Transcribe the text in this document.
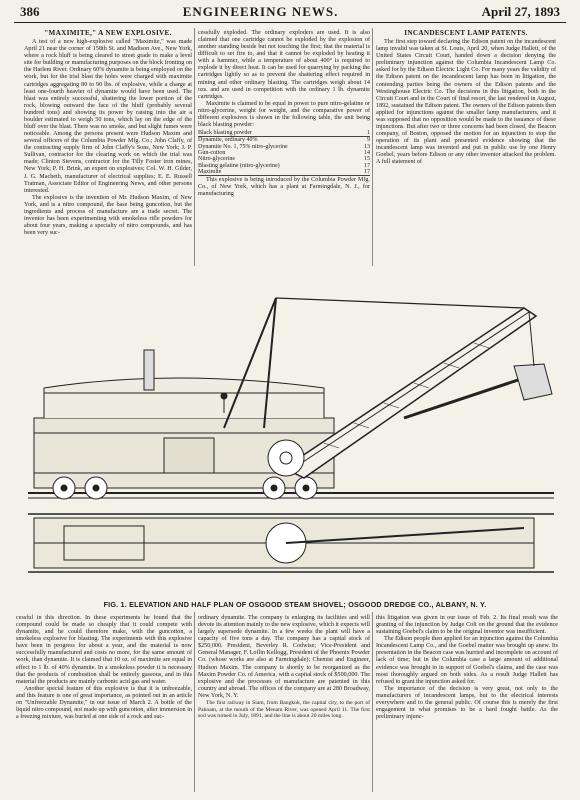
386	ENGINEERING NEWS.	April 27, 1893
"MAXIMITE," A NEW EXPLOSIVE.

A test of a new high-explosive called "Maximite," was made April 21 near the corner of 158th St. and Madison Ave., New York, where a rock bluff is being cleared to street grade to make a level site for building or manufacturing purposes on the block fronting on the Harlem River. Ordinary 60% dynamite is being employed on the work, but for the trial blast the holes were charged with maximite cartridges aggregating 80 to 90 lbs. of explosive, while a charge at least one-fourth heavier of dynamite would have been used. The blast was entirely successful, shattering the lower portion of the rock, blowing outward the face of the bluff (probably several hundred tons) and showing its power by raising into the air a boulder estimated to weigh 50 tons, which lay on the edge of the bluff over the blast. There was no smoke, and but slight fumes were noticeable. Among the persons present were Hudson Maxim and several officers of the Columbia Powder Mfg. Co.; John Claffy, of the contracting supply firm of John Claffy's Sons, New York; J. P. Sullivan, contractor for the clearing work on which the trial was made; Clinton Stevens, contractor for the Tilly Foster iron mines, New York; P. H. Brink, an expert on explosives; Col. W. H. Gilder, J. G. Macbeth, manufacturer of electrical supplies; E. E. Russell Tratman, Associate Editor of Engineering News, and other persons interested.

The explosive is the invention of Mr. Hudson Maxim, of New York, and is a nitro compound, the base being guncotton, but the ingredients and process of manufacture are a trade secret. The inventor has been experimenting with smokeless rifle powders for about four years, making a specialty of nitro compounds, and has been very suc-

cessfully exploded. The ordinary exploders are used. It is also claimed that one cartridge cannot be exploded by the explosion of another standing beside but not touching the first; that the material is difficult to set fire to, and that it cannot be exploded by heating it with a hammer, while a temperature of about 400° is required to explode it by direct heat. It can be used for quarrying by packing the cartridges lightly so as to prevent the shattering effect required in mining and other ordinary blasting. The cartridges weigh about 14 ozs. and are used in competition with the ordinary 1 lb. dynamite cartridges.

Maximite is claimed to be equal in power to pure nitro-gelatine or nitro-glycerine, weight for weight, and the comparative power of different explosives is shown in the following table, the unit being black blasting powder:

Black blasting powder	1
Dynamite, ordinary 40%	9
Dynamite No. 1, 75% nitro-glycerine	13
Gun-cotton	14
Nitro-glycerine	15
Blasting gelatine (nitro-glycerine)	17
Maximite	17

This explosive is being introduced by the Columbia Powder Mfg. Co., of New York, which has a plant at Farmingdale, N. J., for manufacturing

INCANDESCENT LAMP PATENTS.

The first step toward declaring the Edison patent on the incandescent lamp invalid was taken at St. Louis, April 20, when Judge Hallett, of the United States Circuit Court, handed down a decision denying the preliminary injunction against the Columbia Incandescent Lamp Co. asked for by the Edison Electric Light Co. For many years the validity of the Edison patent on the incandescent lamp has been in litigation, the contending parties being the owners of the Edison patents and the Westinghouse Electric Co. The decisions in this litigation, both in the Circuit Court and in the Court of final resort, the last rendered in August, 1892, sustained the Edison patent. The owners of the Edison patents then applied for injunctions against the smaller lamp manufacturers, and it was supposed that no opposition would be made to the issuance of these injunctions. But after two or three concerns had been closed, the Beacon company, of Boston, opposed the motion for an injunction to stop the operation of its plant and presented evidence showing that the incandescent lamp was invented and put in public use by one Henry Goebel, years before Edison or any other inventor attacked the problem. A full statement of

FIG. 1. ELEVATION AND HALF PLAN OF OSGOOD STEAM SHOVEL; OSGOOD DREDGE CO., ALBANY, N. Y.

cessful in this direction. In these experiments he found that the compound could be made so cheaply that it could compete with dynamite, and he could therefore make, with the guncotton, a smokeless explosive for blasting. The experiments with this explosive have been in progress for about a year, and the material is now successfully manufactured and costs no more, for the same amount of work, than dynamite. It is claimed that 10 oz. of maximite are equal in effect to 1 lb. of 40% dynamite. In a smokeless powder it is necessary that the products of combustion shall be entirely gaseous, and in this material the products are mainly carbonic acid gas and water.

Another special feature of this explosive is that it is unfreezable, and this feature is one of great importance, as pointed out in an article on "Unfreezable Dynamite," in our issue of March 2. A bottle of the liquid nitro compound, not made up with guncotton, after immersion in a freezing mixture, was buried at one side of a rock and suc-

ordinary dynamite. The company is enlarging its facilities and will devote its attention mainly to the new explosive, which it expects will largely supersede dynamite. In a few weeks the plant will have a capacity of five tons a day. The company has a capital stock of $250,000. President, Beverley R. Codwise; Vice-President and General Manager, F. Loflin Kellogg, President of the Phoenix Powder Co. (whose works are also at Farmingdale); Chemist and Engineer, Hudson Maxim. The company is shortly to be reorganized as the Maxim Powder Co. of America, with a capital stock of $500,000. The explosive and the processes of manufacture are patented in this country and abroad. The offices of the company are at 280 Broadway, New York, N. Y.

The first railway in Siam, from Bangkok, the capital city, to the port of Paknam, at the mouth of the Menam River, was opened April 11. The first sod was turned in July, 1891, and the line is about 20 miles long.

this litigation was given in our issue of Feb. 2. Its final result was the granting of the injunction by Judge Colt on the ground that the evidence sustaining Goebel's claim to be the original inventor was insufficient.

The Edison people then applied for an injunction against the Columbia Incandescent Lamp Co., and the Goebel matter was brought up anew. Its presentation in the Beacon case was hurried and incomplete on account of lack of time; but in the Columbia case a large amount of additional evidence was brought in in support of Goebel's claims, and the case was most thoroughly argued on both sides. As a result Judge Hallett has refused to grant the injunction asked for.

The importance of the decision is very great, not only to the manufacturers of incandescent lamps, but to the electrical interests everywhere and to the general public. Of course this is merely the first engagement in what promises to be a hard fought battle. As the preliminary injunc-
